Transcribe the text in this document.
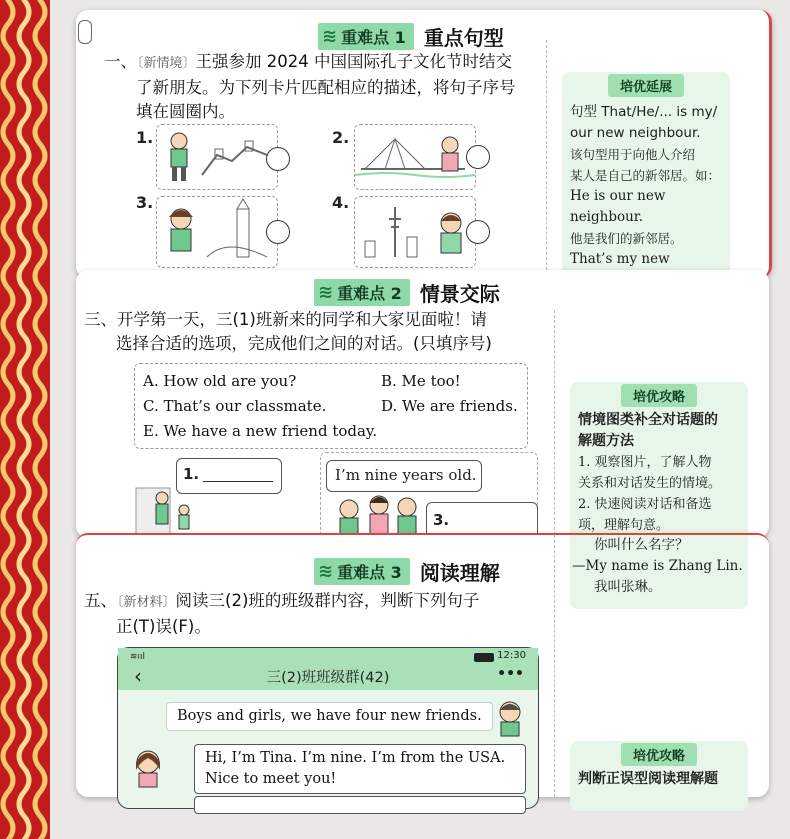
≋ 重难点 1 重点句型
一、〔新情境〕王强参加 2024 中国国际孔子文化节时结交
了新朋友。为下列卡片匹配相应的描述，将句子序号
填在圆圈内。
1.	2.
3.	4.
培优延展
句型 That/He/... is my/
our new neighbour.
该句型用于向他人介绍
某人是自己的新邻居。如：
He is our new neighbour.
他是我们的新邻居。
That’s my new
≋ 重难点 2 情景交际
三、开学第一天，三(1)班新来的同学和大家见面啦！请
选择合适的选项，完成他们之间的对话。(只填序号)
A. How old are you?	B. Me too!
C. That’s our classmate.	D. We are friends.
E. We have a new friend today.
1.	I’m nine years old.
3.
培优攻略
情境图类补全对话题的
解题方法
1. 观察图片，了解人物
关系和对话发生的情境。
2. 快速阅读对话和备选
项，理解句意。
≋ 重难点 3 阅读理解
五、〔新材料〕阅读三(2)班的班级群内容，判断下列句子
正(T)误(F)。
≋ııl	12:30
‹	三(2)班班级群(42)	•••
Boys and girls, we have four new friends.
Hi, I’m Tina. I’m nine. I’m from the USA.
Nice to meet you!
你叫什么名字？
—My name is Zhang Lin.
我叫张琳。
培优攻略
判断正误型阅读理解题
